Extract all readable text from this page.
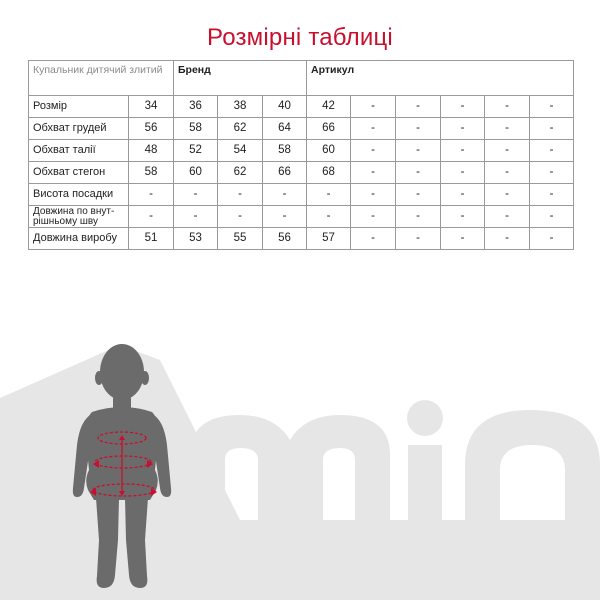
Розмірні таблиці
Купальник дитячий злитий		Бренд			Артикул					
Розмір	34	36	38	40	42	-	-	-	-	-
Обхват грудей	56	58	62	64	66	-	-	-	-	-
Обхват талії	48	52	54	58	60	-	-	-	-	-
Обхват стегон	58	60	62	66	68	-	-	-	-	-
Висота посадки	-	-	-	-	-	-	-	-	-	-
Довжина по внут-рішньому шву	-	-	-	-	-	-	-	-	-	-
Довжина виробу	51	53	55	56	57	-	-	-	-	-
